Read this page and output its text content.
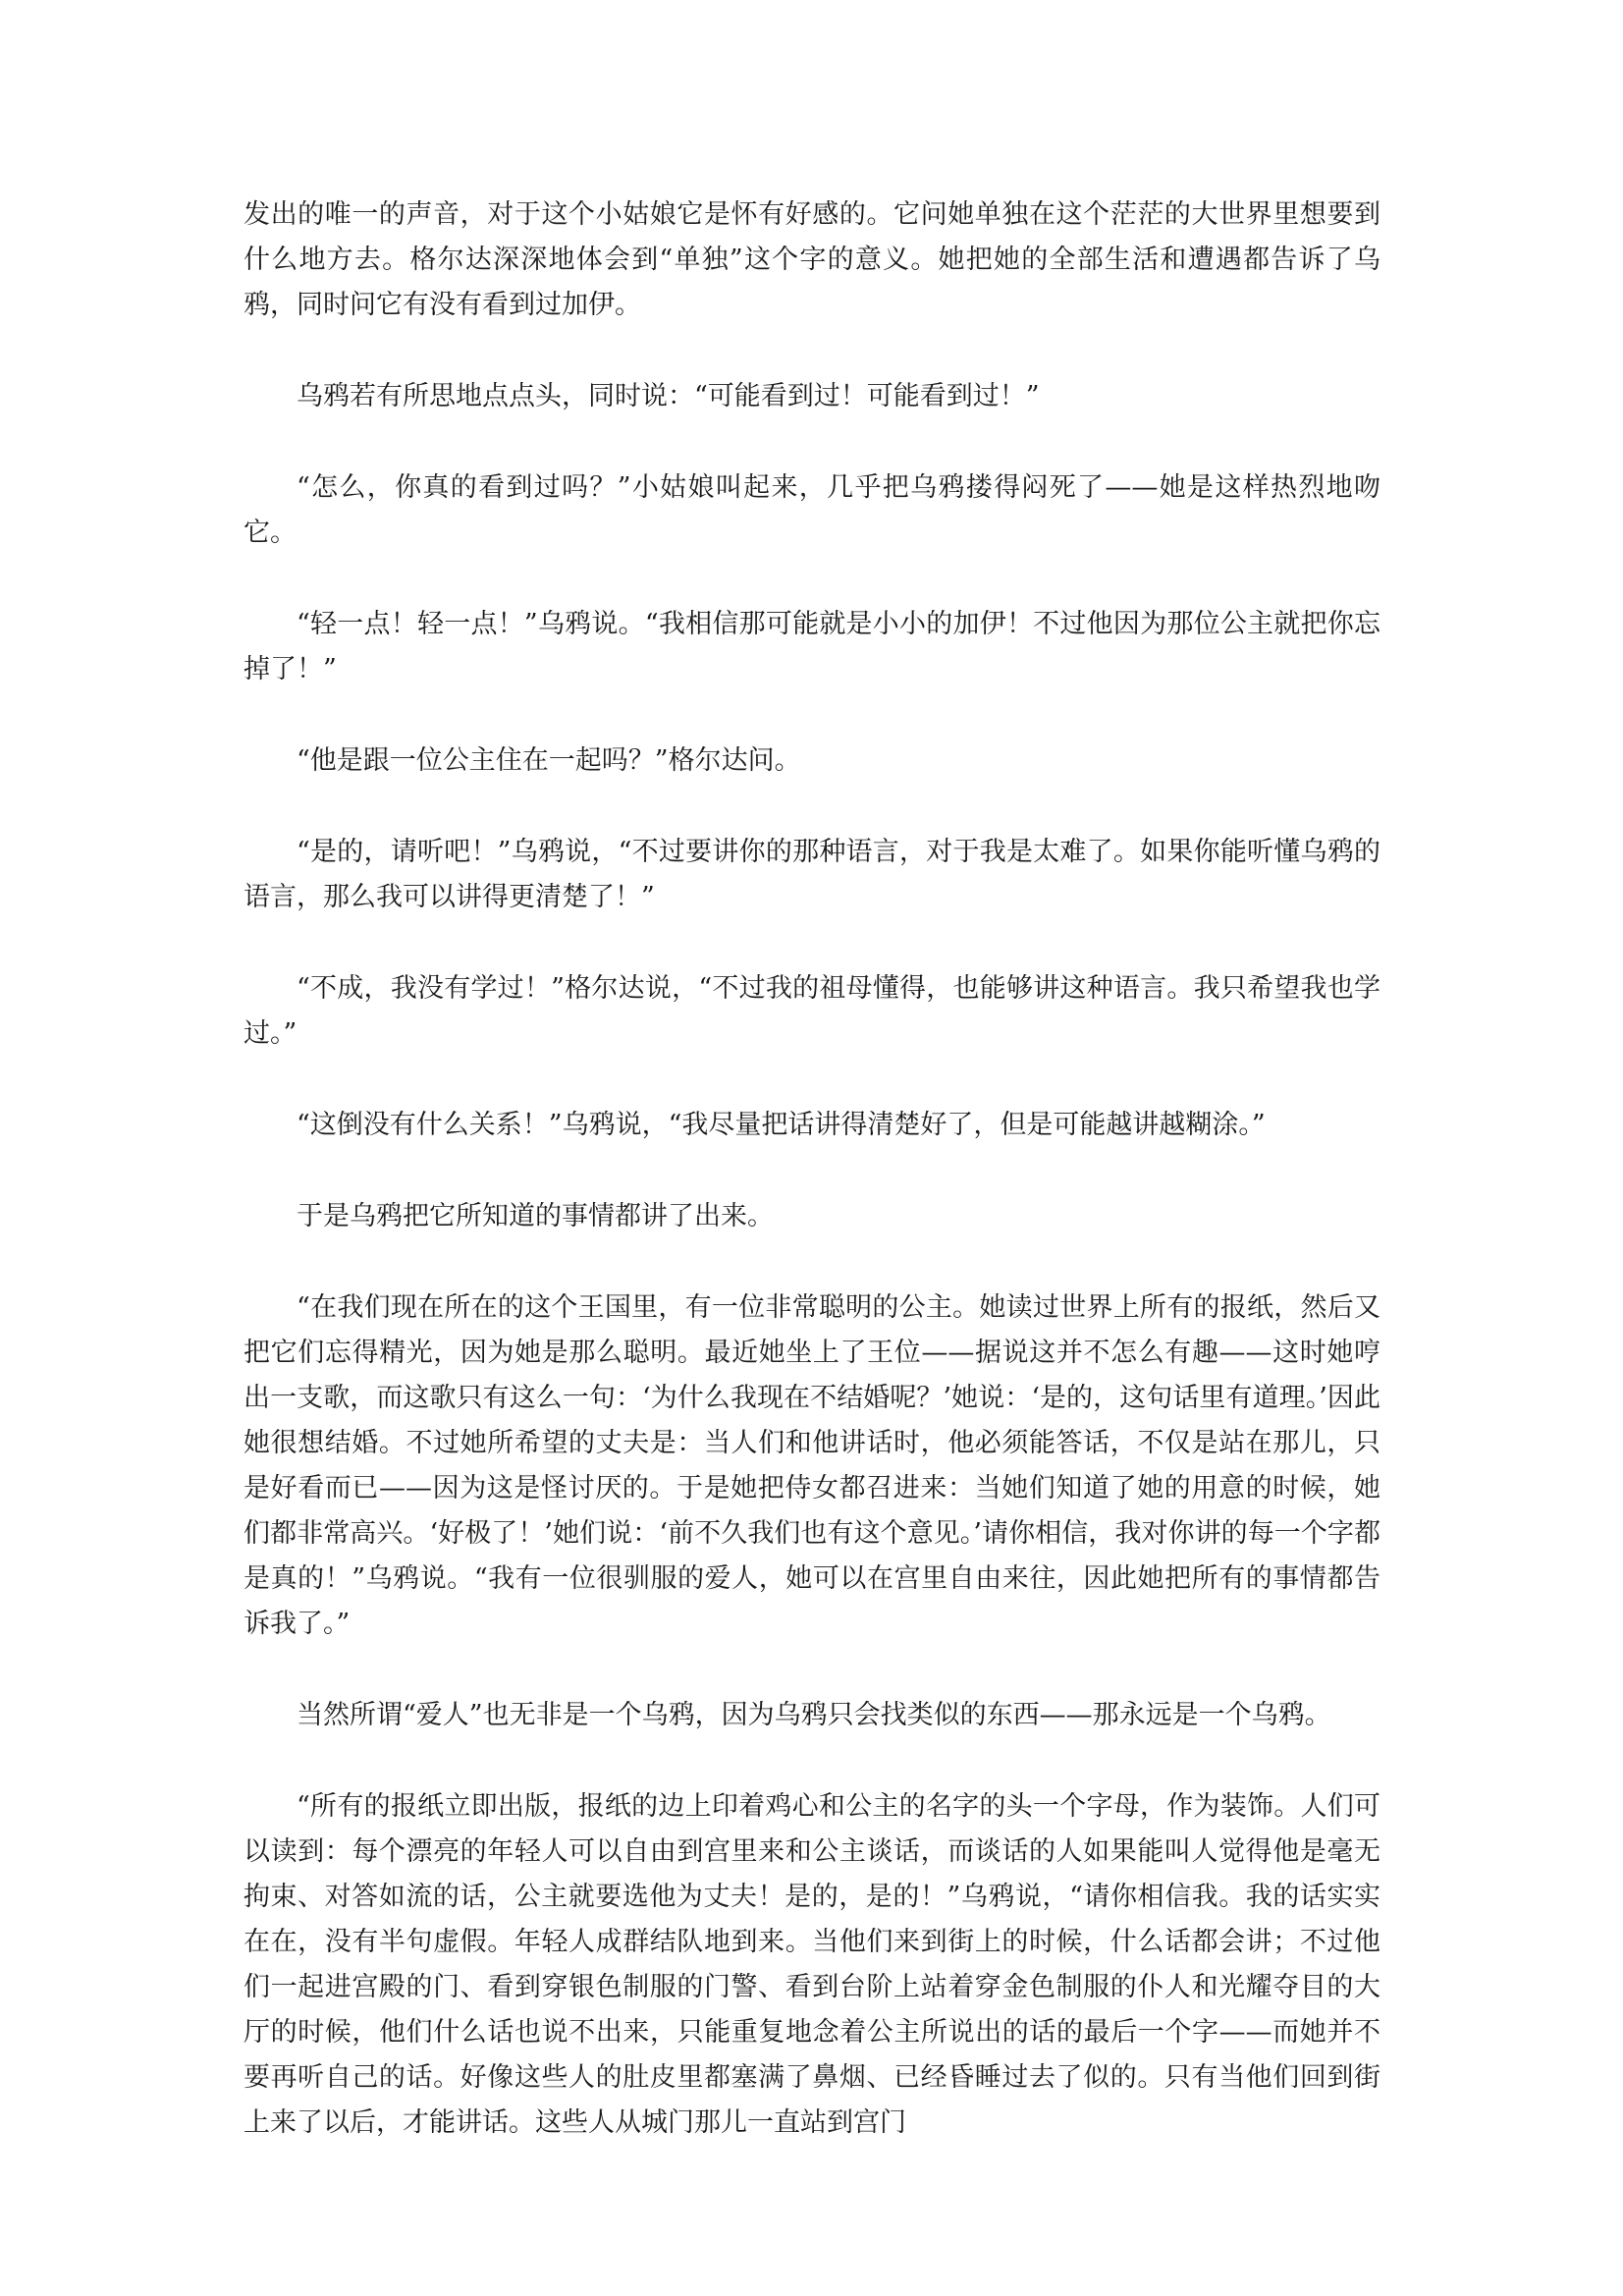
发出的唯一的声音，对于这个小姑娘它是怀有好感的。它问她单独在这个茫茫的大世界里想要到什么地方去。格尔达深深地体会到“单独”这个字的意义。她把她的全部生活和遭遇都告诉了乌鸦，同时问它有没有看到过加伊。

乌鸦若有所思地点点头，同时说：“可能看到过！可能看到过！”

“怎么，你真的看到过吗？”小姑娘叫起来，几乎把乌鸦搂得闷死了——她是这样热烈地吻它。

“轻一点！轻一点！”乌鸦说。“我相信那可能就是小小的加伊！不过他因为那位公主就把你忘掉了！”

“他是跟一位公主住在一起吗？”格尔达问。

“是的，请听吧！”乌鸦说，“不过要讲你的那种语言，对于我是太难了。如果你能听懂乌鸦的语言，那么我可以讲得更清楚了！”

“不成，我没有学过！”格尔达说，“不过我的祖母懂得，也能够讲这种语言。我只希望我也学过。”

“这倒没有什么关系！”乌鸦说，“我尽量把话讲得清楚好了，但是可能越讲越糊涂。”

于是乌鸦把它所知道的事情都讲了出来。

“在我们现在所在的这个王国里，有一位非常聪明的公主。她读过世界上所有的报纸，然后又把它们忘得精光，因为她是那么聪明。最近她坐上了王位——据说这并不怎么有趣——这时她哼出一支歌，而这歌只有这么一句：‘为什么我现在不结婚呢？’她说：‘是的，这句话里有道理。’因此她很想结婚。不过她所希望的丈夫是：当人们和他讲话时，他必须能答话，不仅是站在那儿，只是好看而已——因为这是怪讨厌的。于是她把侍女都召进来：当她们知道了她的用意的时候，她们都非常高兴。‘好极了！’她们说：‘前不久我们也有这个意见。’请你相信，我对你讲的每一个字都是真的！”乌鸦说。“我有一位很驯服的爱人，她可以在宫里自由来往，因此她把所有的事情都告诉我了。”

当然所谓“爱人”也无非是一个乌鸦，因为乌鸦只会找类似的东西——那永远是一个乌鸦。

“所有的报纸立即出版，报纸的边上印着鸡心和公主的名字的头一个字母，作为装饰。人们可以读到：每个漂亮的年轻人可以自由到宫里来和公主谈话，而谈话的人如果能叫人觉得他是毫无拘束、对答如流的话，公主就要选他为丈夫！是的，是的！”乌鸦说，“请你相信我。我的话实实在在，没有半句虚假。年轻人成群结队地到来。当他们来到街上的时候，什么话都会讲；不过他们一起进宫殿的门、看到穿银色制服的门警、看到台阶上站着穿金色制服的仆人和光耀夺目的大厅的时候，他们什么话也说不出来，只能重复地念着公主所说出的话的最后一个字——而她并不要再听自己的话。好像这些人的肚皮里都塞满了鼻烟、已经昏睡过去了似的。只有当他们回到街上来了以后，才能讲话。这些人从城门那儿一直站到宫门
